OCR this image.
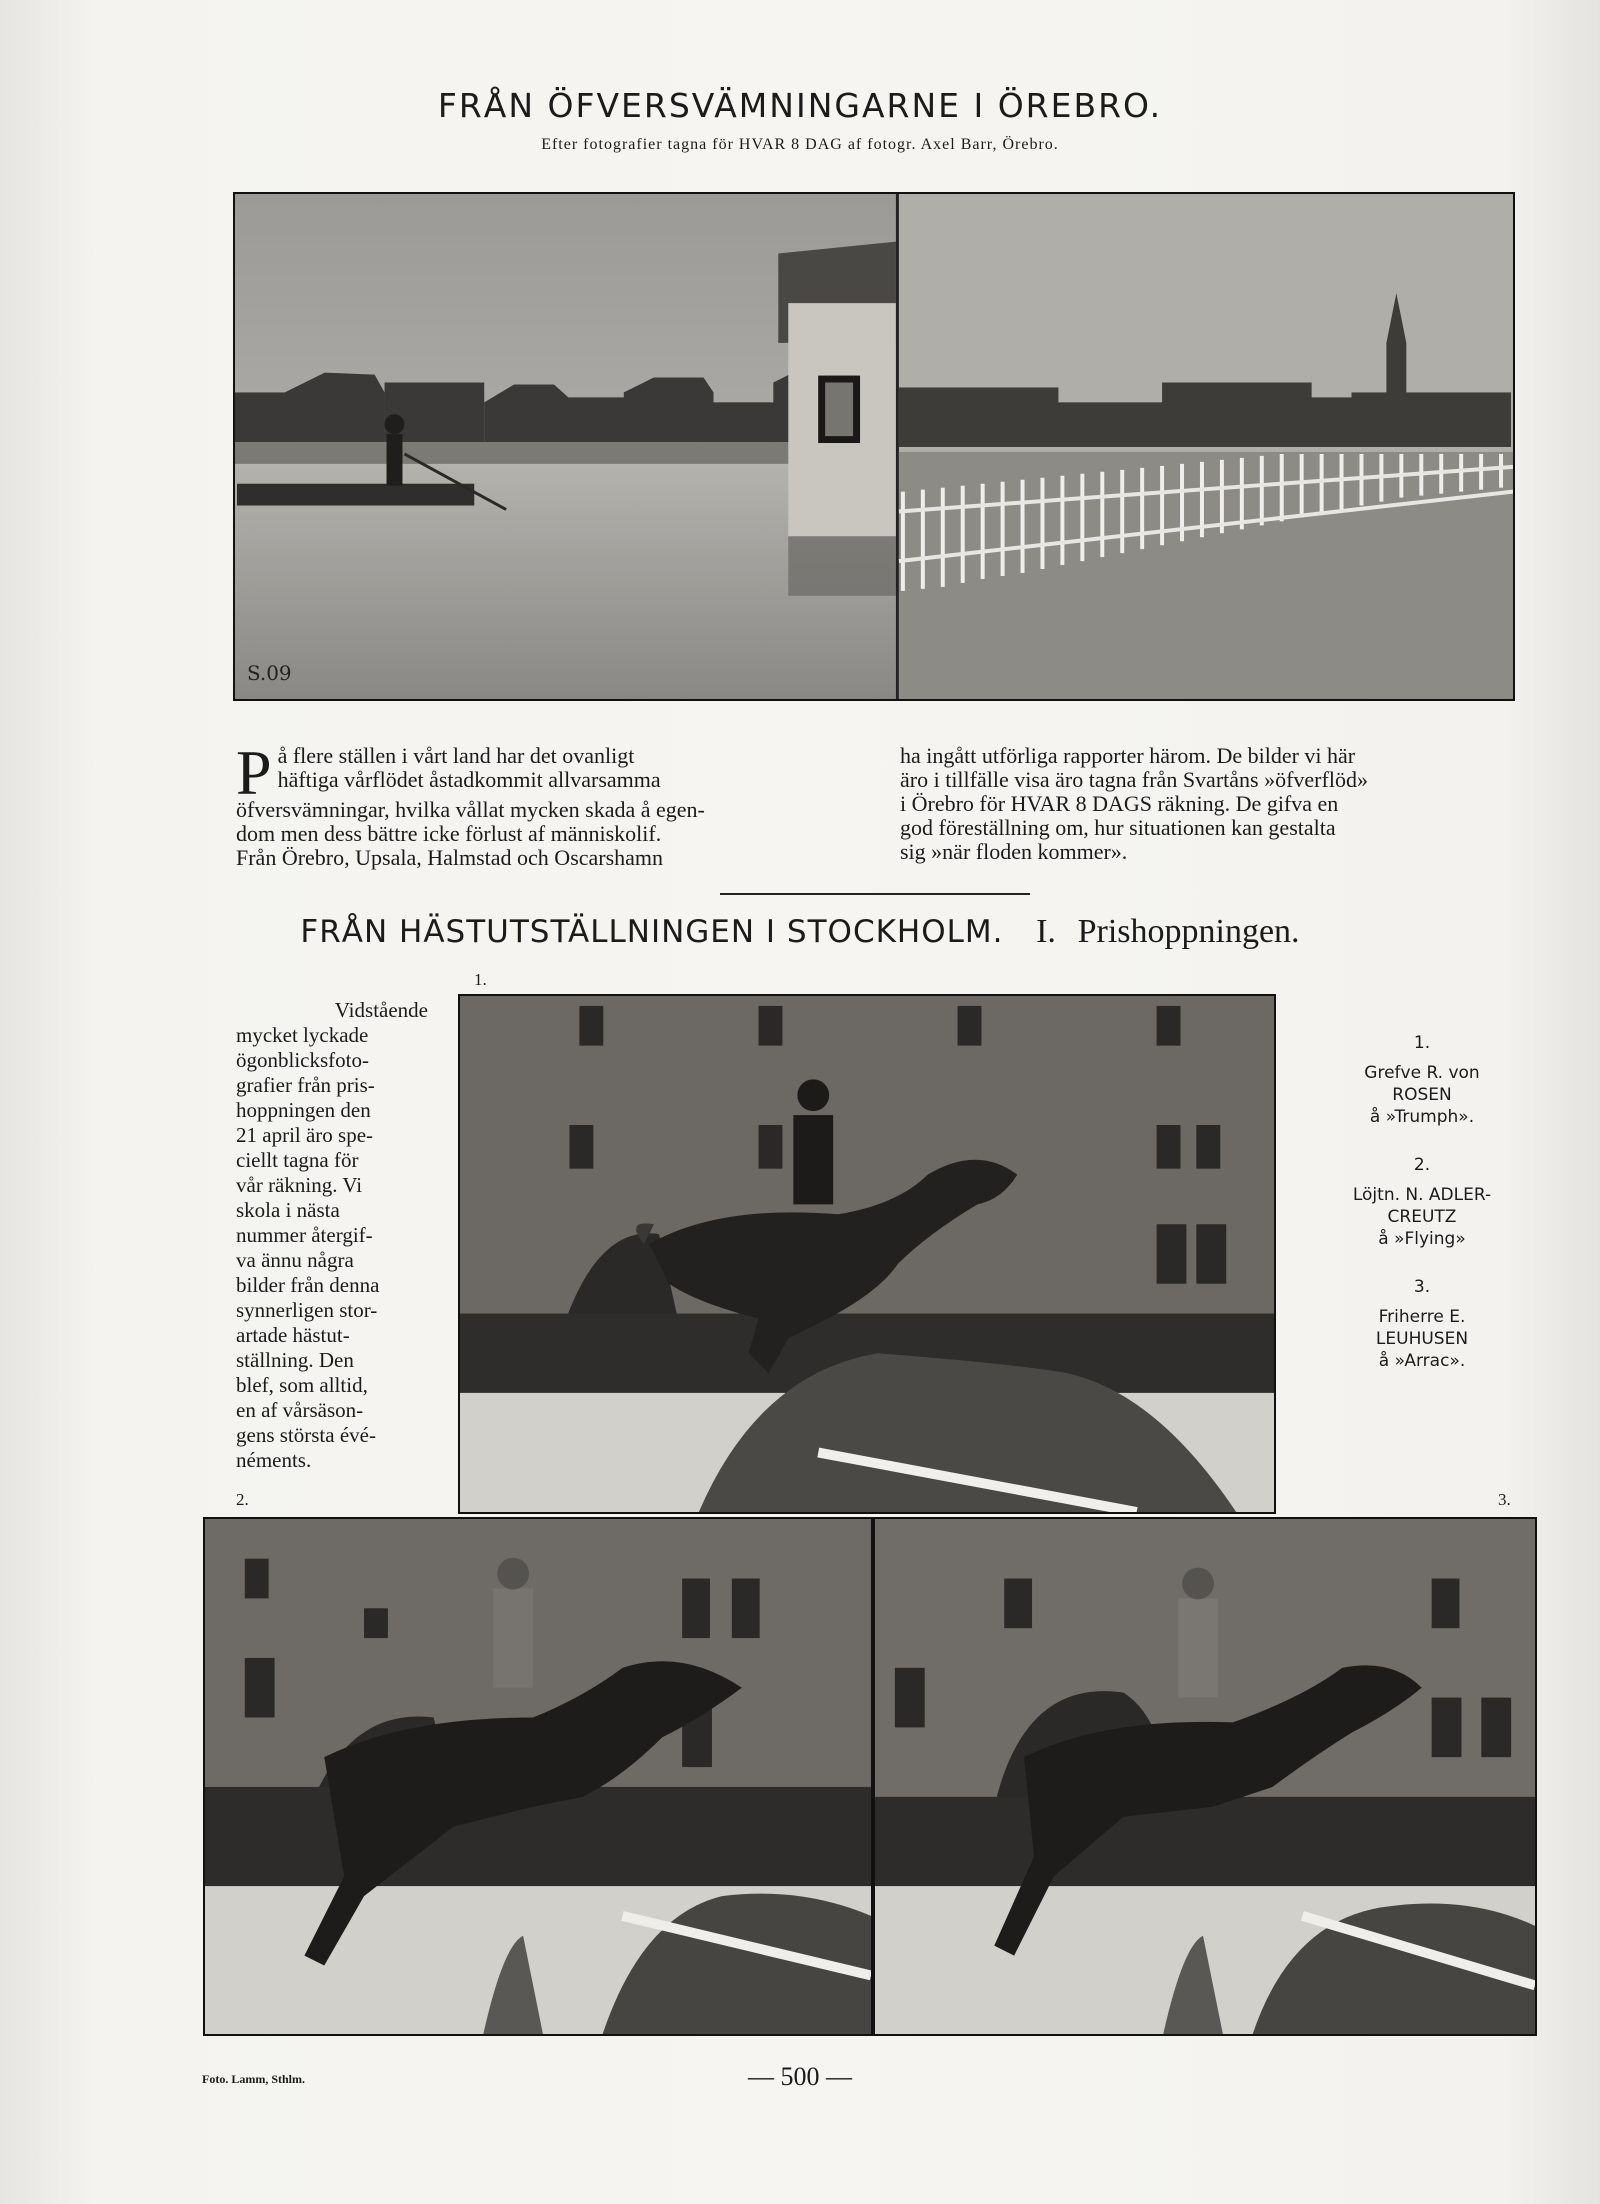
FRÅN ÖFVERSVÄMNINGARNE I ÖREBRO.
Efter fotografier tagna för HVAR 8 DAG af fotogr. Axel Barr, Örebro.
S.09
P å flere ställen i vårt land har det ovanligt
häftiga vårflödet åstadkommit allvarsamma
öfversvämningar, hvilka vållat mycken skada å egen-
dom men dess bättre icke förlust af människolif.
Från Örebro, Upsala, Halmstad och Oscarshamn
ha ingått utförliga rapporter härom. De bilder vi här
äro i tillfälle visa äro tagna från Svartåns »öfverflöd»
i Örebro för HVAR 8 DAGS räkning. De gifva en
god föreställning om, hur situationen kan gestalta
sig »när floden kommer».
FRÅN HÄSTUTSTÄLLNINGEN I STOCKHOLM. I. Prishoppningen.
Vidstående
mycket lyckade
ögonblicksfoto-
grafier från pris-
hoppningen den
21 april äro spe-
ciellt tagna för
vår räkning. Vi
skola i nästa
nummer återgif-
va ännu några
bilder från denna
synnerligen stor-
artade hästut-
ställning. Den
blef, som alltid,
en af vårsäson-
gens största évé-
néments.
1.
2.	3.
1.
Grefve R. von
ROSEN
å »Trumph».
2.
Löjtn. N. ADLER-
CREUTZ
å »Flying»
3.
Friherre E.
LEUHUSEN
å »Arrac».
Foto. Lamm, Sthlm.	— 500 —
